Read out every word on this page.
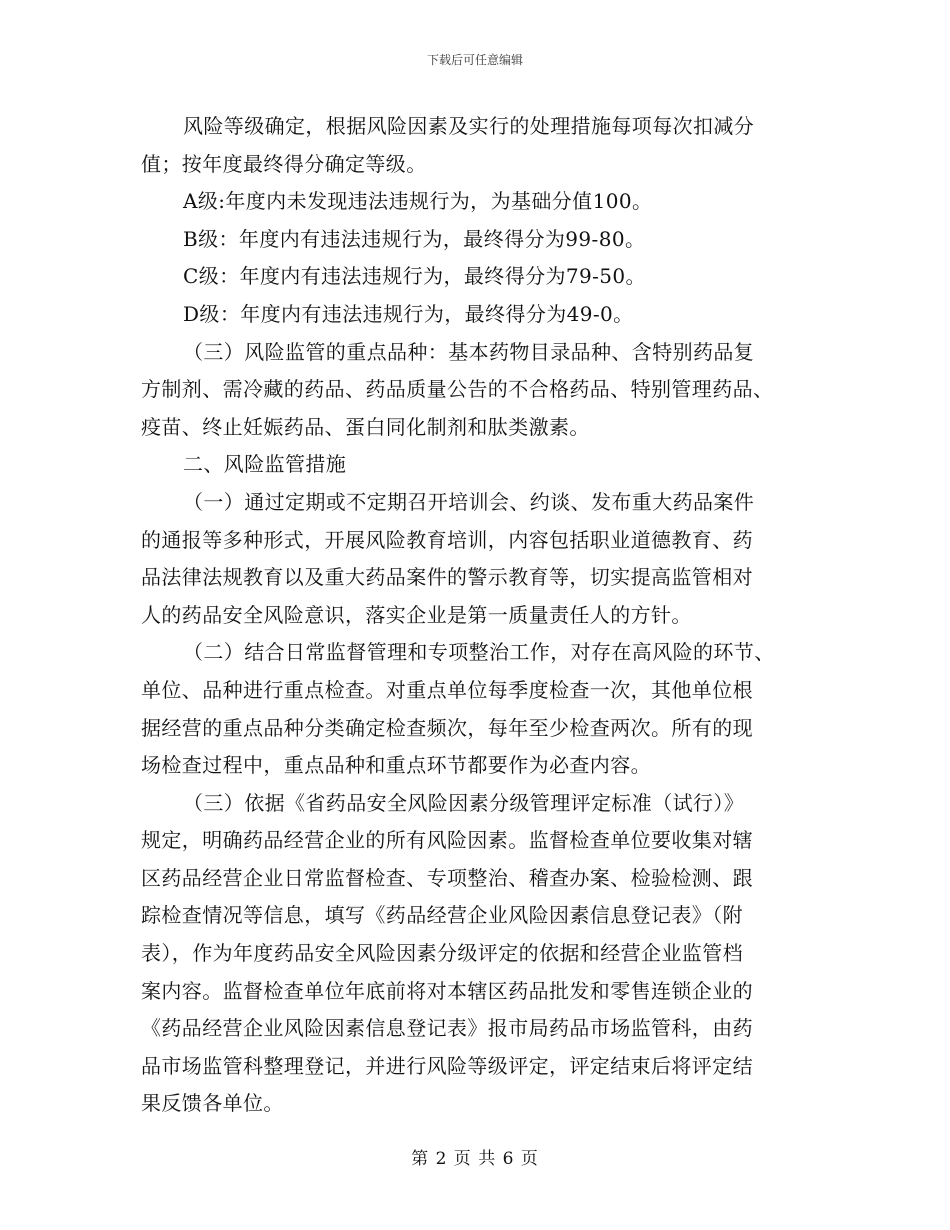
下载后可任意编辑
风险等级确定，根据风险因素及实行的处理措施每项每次扣减分
值；按年度最终得分确定等级。
A级:年度内未发现违法违规行为，为基础分值100。
B级：年度内有违法违规行为，最终得分为99-80。
C级：年度内有违法违规行为，最终得分为79-50。
D级：年度内有违法违规行为，最终得分为49-0。
（三）风险监管的重点品种：基本药物目录品种、含特别药品复
方制剂、需冷藏的药品、药品质量公告的不合格药品、特别管理药品、
疫苗、终止妊娠药品、蛋白同化制剂和肽类激素。
二、风险监管措施
（一）通过定期或不定期召开培训会、约谈、发布重大药品案件
的通报等多种形式，开展风险教育培训，内容包括职业道德教育、药
品法律法规教育以及重大药品案件的警示教育等，切实提高监管相对
人的药品安全风险意识，落实企业是第一质量责任人的方针。
（二）结合日常监督管理和专项整治工作，对存在高风险的环节、
单位、品种进行重点检查。对重点单位每季度检查一次，其他单位根
据经营的重点品种分类确定检查频次，每年至少检查两次。所有的现
场检查过程中，重点品种和重点环节都要作为必查内容。
（三）依据《省药品安全风险因素分级管理评定标准（试行）》
规定，明确药品经营企业的所有风险因素。监督检查单位要收集对辖
区药品经营企业日常监督检查、专项整治、稽查办案、检验检测、跟
踪检查情况等信息，填写《药品经营企业风险因素信息登记表》（附
表），作为年度药品安全风险因素分级评定的依据和经营企业监管档
案内容。监督检查单位年底前将对本辖区药品批发和零售连锁企业的
《药品经营企业风险因素信息登记表》报市局药品市场监管科，由药
品市场监管科整理登记，并进行风险等级评定，评定结束后将评定结
果反馈各单位。
第 2 页 共 6 页
